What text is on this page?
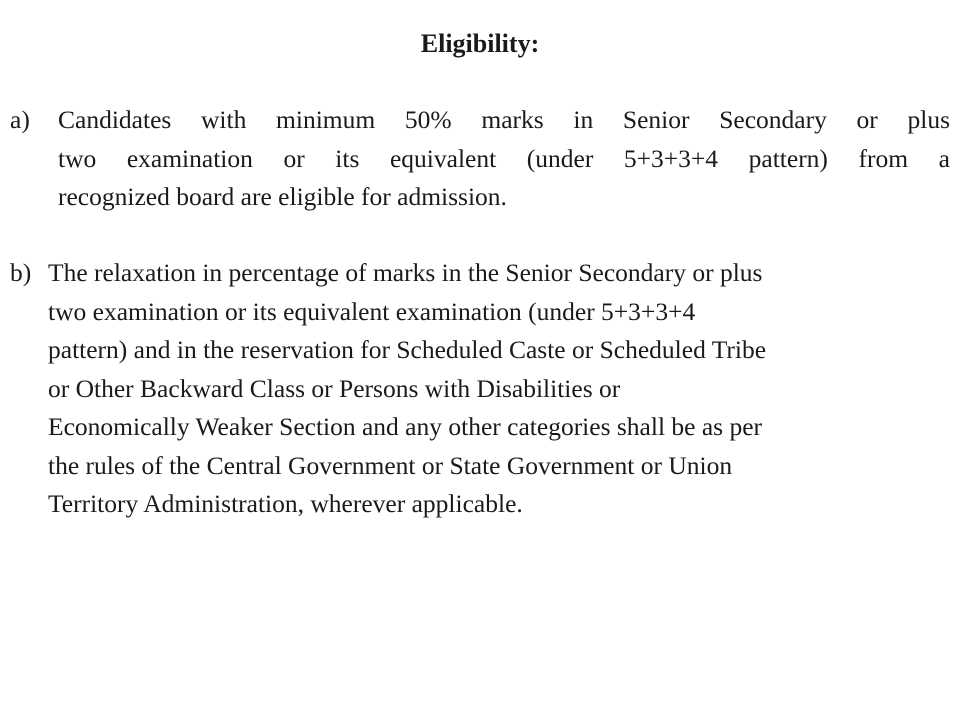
Eligibility:
a) Candidates with minimum 50% marks in Senior Secondary or plus
two examination or its equivalent (under 5+3+3+4 pattern) from a
recognized board are eligible for admission.
b) The relaxation in percentage of marks in the Senior Secondary or plus
two examination or its equivalent examination (under 5+3+3+4
pattern) and in the reservation for Scheduled Caste or Scheduled Tribe
or Other Backward Class or Persons with Disabilities or
Economically Weaker Section and any other categories shall be as per
the rules of the Central Government or State Government or Union
Territory Administration, wherever applicable.
